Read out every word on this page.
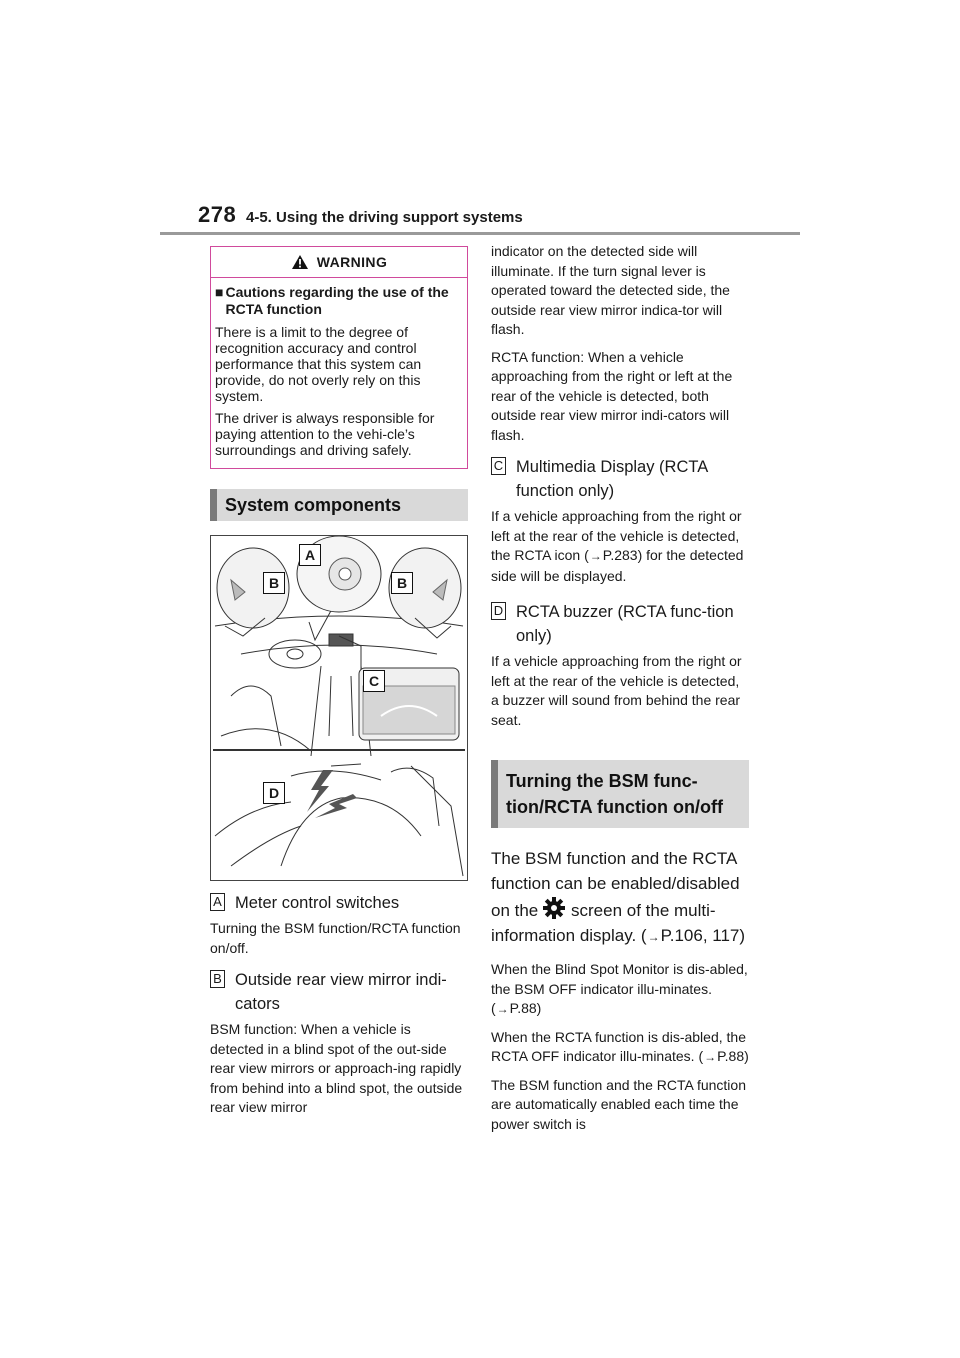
278 4-5. Using the driving support systems
WARNING
■ Cautions regarding the use of the RCTA function
There is a limit to the degree of recognition accuracy and control performance that this system can provide, do not overly rely on this system.
The driver is always responsible for paying attention to the vehi-cle’s surroundings and driving safely.
System components
A
B	B
C
D
A Meter control switches
Turning the BSM function/RCTA function on/off.
B Outside rear view mirror indi-cators
BSM function: When a vehicle is detected in a blind spot of the out-side rear view mirrors or approach-ing rapidly from behind into a blind spot, the outside rear view mirror

indicator on the detected side will illuminate. If the turn signal lever is operated toward the detected side, the outside rear view mirror indica-tor will flash.

RCTA function: When a vehicle approaching from the right or left at the rear of the vehicle is detected, both outside rear view mirror indi-cators will flash.

C Multimedia Display (RCTA function only)
If a vehicle approaching from the right or left at the rear of the vehicle is detected, the RCTA icon (→P.283) for the detected side will be displayed.
D RCTA buzzer (RCTA func-tion only)
If a vehicle approaching from the right or left at the rear of the vehicle is detected, a buzzer will sound from behind the rear seat.
Turning the BSM func-tion/RCTA function on/off
The BSM function and the RCTA function can be enabled/disabled on the screen of the multi-information display. (→P.106, 117)

When the Blind Spot Monitor is dis-abled, the BSM OFF indicator illu-minates. (→P.88)

When the RCTA function is dis-abled, the RCTA OFF indicator illu-minates. (→P.88)

The BSM function and the RCTA function are automatically enabled each time the power switch is
